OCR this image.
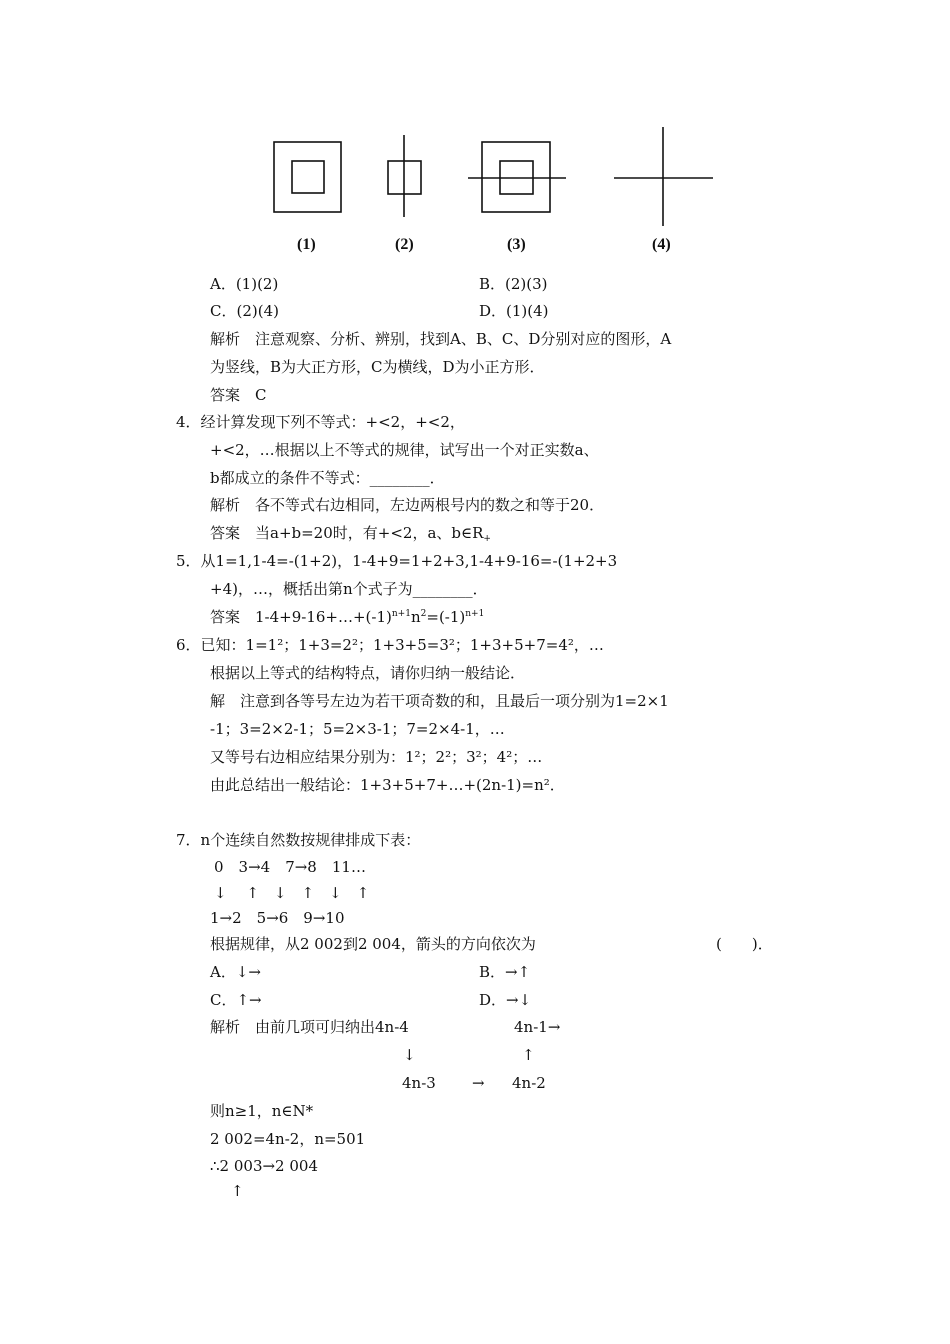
(1)	(2)	(3)	(4)
A．(1)(2)	B．(2)(3)
C．(2)(4)	D．(1)(4)
解析　注意观察、分析、辨别，找到A、B、C、D分别对应的图形，A
为竖线，B为大正方形，C为横线，D为小正方形．
答案　C
4．经计算发现下列不等式：+<2，+<2，
+<2，…根据以上不等式的规律，试写出一个对正实数a、
b都成立的条件不等式：________．
解析　各不等式右边相同，左边两根号内的数之和等于20．
答案　当a+b=20时，有+<2，a、$b\in R_+$
5．从1=1,1-4=-(1+2)，1-4+9=1+2+3,1-4+9-16=-(1+2+3
+4)，…，概括出第n个式子为________．
答案　$1-4+9-16+\dots+(-1)^{n+1}n^2=(-1)^{n+1}$
6．已知：1=1²；1+3=2²；1+3+5=3²；1+3+5+7=4²，…
根据以上等式的结构特点，请你归纳一般结论．
解　注意到各等号左边为若干项奇数的和，且最后一项分别为1=2×1
-1；3=2×2-1；5=2×3-1；7=2×4-1，…
又等号右边相应结果分别为：1²；2²；3²；4²；…
由此总结出一般结论：1+3+5+7+…+(2n-1)=n²．
7．n个连续自然数按规律排成下表：
0　3→4　7→8　11…
↓　 ↑　↓　↑　↓　↑
1→2　5→6　9→10
根据规律，从2 002到2 004，箭头的方向依次为	(　　)．
A．↓→	B．→↑
C．↑→	D．→↓
解析　由前几项可归纳出4n-4	4n-1→
↓	↑
4n-3 → 4n-2
则n≥1，n∈N*
2 002=4n-2，n=501
∴2 003→2 004
↑
